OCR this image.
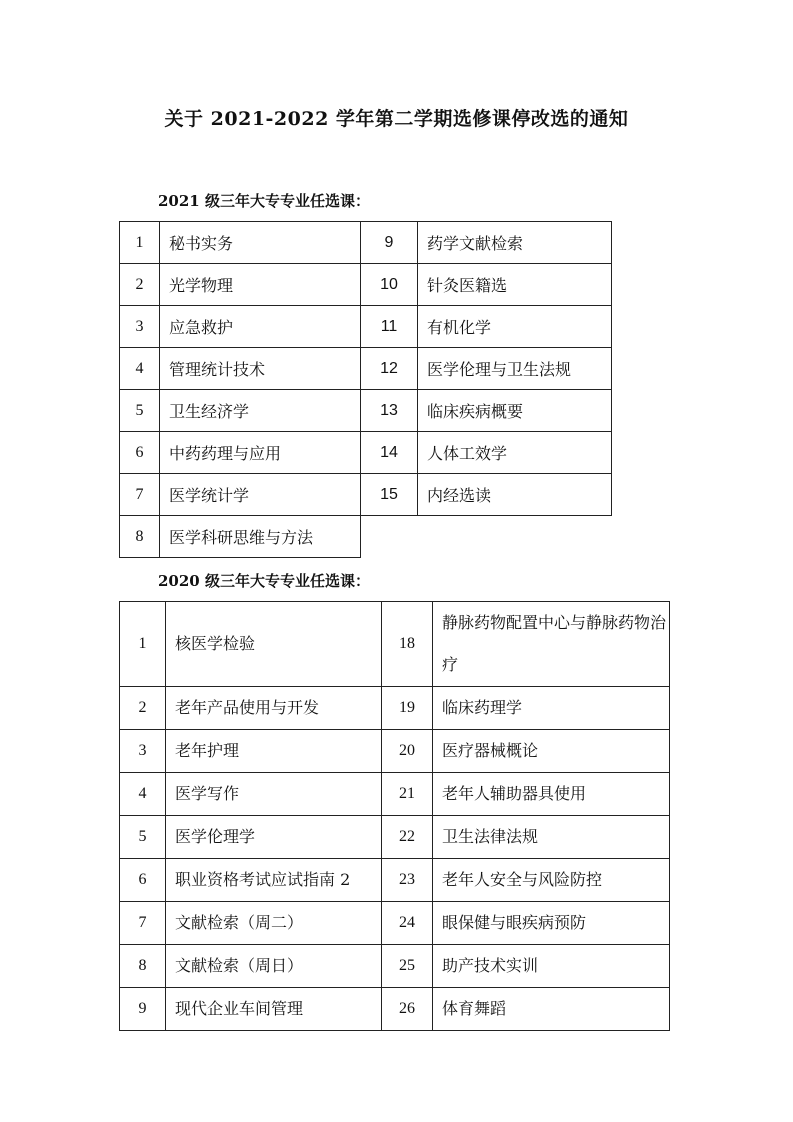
关于 2021-2022 学年第二学期选修课停改选的通知
2021 级三年大专专业任选课：
1	秘书实务	9	药学文献检索
2	光学物理	10	针灸医籍选
3	应急救护	11	有机化学
4	管理统计技术	12	医学伦理与卫生法规
5	卫生经济学	13	临床疾病概要
6	中药药理与应用	14	人体工效学
7	医学统计学	15	内经选读
8	医学科研思维与方法		
2020 级三年大专专业任选课：
1	核医学检验	18	静脉药物配置中心与静脉药物治疗
2	老年产品使用与开发	19	临床药理学
3	老年护理	20	医疗器械概论
4	医学写作	21	老年人辅助器具使用
5	医学伦理学	22	卫生法律法规
6	职业资格考试应试指南 2	23	老年人安全与风险防控
7	文献检索（周二）	24	眼保健与眼疾病预防
8	文献检索（周日）	25	助产技术实训
9	现代企业车间管理	26	体育舞蹈
